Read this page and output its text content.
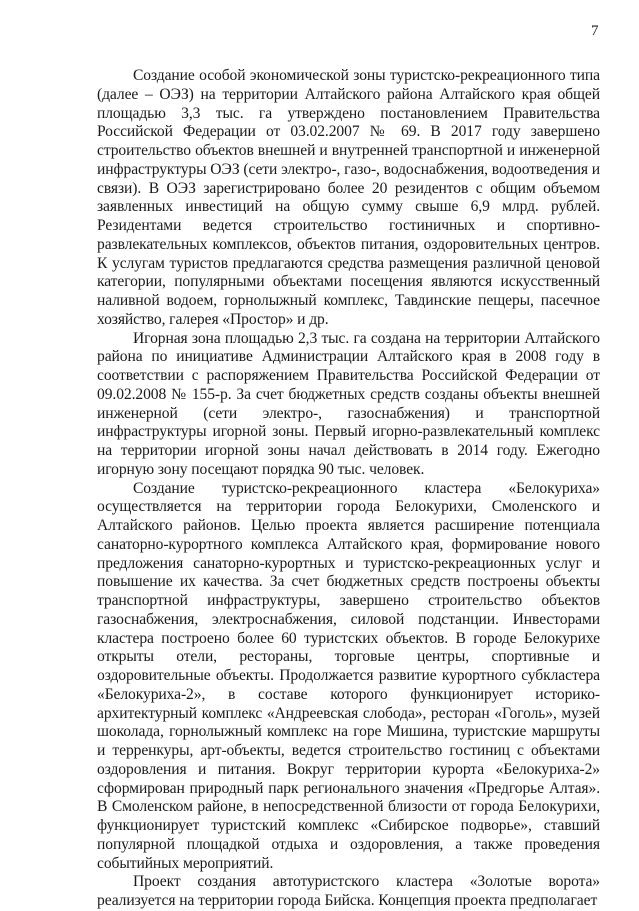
7

Создание особой экономической зоны туристско-рекреационного типа (далее – ОЭЗ) на территории Алтайского района Алтайского края общей площадью 3,3 тыс. га утверждено постановлением Правительства Российской Федерации от 03.02.2007 № 69. В 2017 году завершено строительство объектов внешней и внутренней транспортной и инженерной инфраструктуры ОЭЗ (сети электро-, газо-, водоснабжения, водоотведения и связи). В ОЭЗ зарегистрировано более 20 резидентов с общим объемом заявленных инвестиций на общую сумму свыше 6,9 млрд. рублей. Резидентами ведется строительство гостиничных и спортивно-развлекательных комплексов, объектов питания, оздоровительных центров. К услугам туристов предлагаются средства размещения различной ценовой категории, популярными объектами посещения являются искусственный наливной водоем, горнолыжный комплекс, Тавдинские пещеры, пасечное хозяйство, галерея «Простор» и др.

Игорная зона площадью 2,3 тыс. га создана на территории Алтайского района по инициативе Администрации Алтайского края в 2008 году в соответствии с распоряжением Правительства Российской Федерации от 09.02.2008 № 155-р. За счет бюджетных средств созданы объекты внешней инженерной (сети электро-, газоснабжения) и транспортной инфраструктуры игорной зоны. Первый игорно-развлекательный комплекс на территории игорной зоны начал действовать в 2014 году. Ежегодно игорную зону посещают порядка 90 тыс. человек.

Создание туристско-рекреационного кластера «Белокуриха» осуществляется на территории города Белокурихи, Смоленского и Алтайского районов. Целью проекта является расширение потенциала санаторно-курортного комплекса Алтайского края, формирование нового предложения санаторно-курортных и туристско-рекреационных услуг и повышение их качества. За счет бюджетных средств построены объекты транспортной инфраструктуры, завершено строительство объектов газоснабжения, электроснабжения, силовой подстанции. Инвесторами кластера построено более 60 туристских объектов. В городе Белокурихе открыты отели, рестораны, торговые центры, спортивные и оздоровительные объекты. Продолжается развитие курортного субкластера «Белокуриха-2», в составе которого функционирует историко-архитектурный комплекс «Андреевская слобода», ресторан «Гоголь», музей шоколада, горнолыжный комплекс на горе Мишина, туристские маршруты и терренкуры, арт-объекты, ведется строительство гостиниц с объектами оздоровления и питания. Вокруг территории курорта «Белокуриха-2» сформирован природный парк регионального значения «Предгорье Алтая». В Смоленском районе, в непосредственной близости от города Белокурихи, функционирует туристский комплекс «Сибирское подворье», ставший популярной площадкой отдыха и оздоровления, а также проведения событийных мероприятий.

Проект создания автотуристского кластера «Золотые ворота» реализуется на территории города Бийска. Концепция проекта предполагает
